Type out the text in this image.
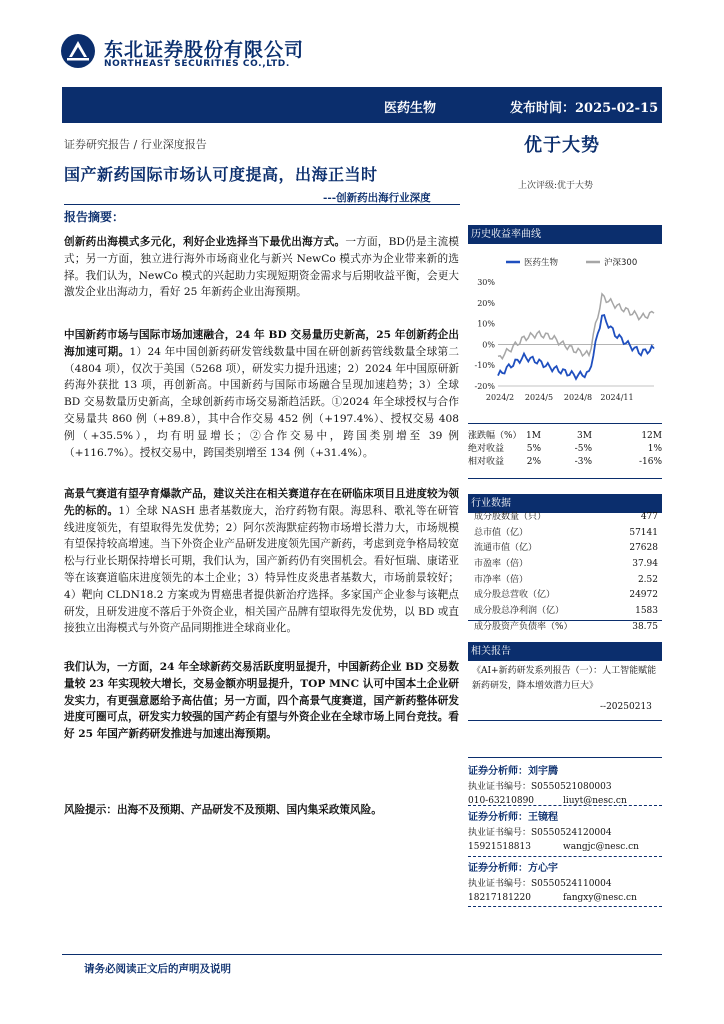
东北证券股份有限公司
NORTHEAST SECURITIES CO.,LTD.
医药生物	发布时间：2025-02-15
证券研究报告 / 行业深度报告
国产新药国际市场认可度提高，出海正当时
---创新药出海行业深度
报告摘要：
创新药出海模式多元化，利好企业选择当下最优出海方式。一方面，BD仍是主流模式；另一方面，独立进行海外市场商业化与新兴 NewCo 模式亦为企业带来新的选择。我们认为，NewCo 模式的兴起助力实现短期资金需求与后期收益平衡，会更大激发企业出海动力，看好 25 年新药企业出海预期。
中国新药市场与国际市场加速融合，24 年 BD 交易量历史新高，25 年创新药企出海加速可期。1）24 年中国创新药研发管线数量中国在研创新药管线数量全球第二（4804 项），仅次于美国（5268 项），研发实力提升迅速；2）2024 年中国原研新药海外获批 13 项，再创新高。中国新药与国际市场融合呈现加速趋势；3）全球 BD 交易数量历史新高，全球创新药市场交易渐趋活跃。①2024 年全球授权与合作交易量共 860 例（+89.8），其中合作交易 452 例（+197.4%）、授权交易 408 例（+35.5%），均有明显增长；②合作交易中，跨国类别增至 39 例（+116.7%）。授权交易中，跨国类别增至 134 例（+31.4%）。
高景气赛道有望孕育爆款产品，建议关注在相关赛道存在在研临床项目且进度较为领先的标的。1）全球 NASH 患者基数庞大，治疗药物有限。海思科、歌礼等在研管线进度领先，有望取得先发优势；2）阿尔茨海默症药物市场增长潜力大，市场规模有望保持较高增速。当下外资企业产品研发进度领先国产新药，考虑到竞争格局较宽松与行业长期保持增长可期，我们认为，国产新药仍有突围机会。看好恒瑞、康诺亚等在该赛道临床进度领先的本土企业；3）特异性皮炎患者基数大，市场前景较好；4）靶向 CLDN18.2 方案或为胃癌患者提供新治疗选择。多家国产企业参与该靶点研发，且研发进度不落后于外资企业，相关国产品牌有望取得先发优势，以 BD 或直接独立出海模式与外资产品同期推进全球商业化。
我们认为，一方面，24 年全球新药交易活跃度明显提升，中国新药企业 BD 交易数量较 23 年实现较大增长，交易金额亦明显提升，TOP MNC 认可中国本土企业研发实力，有更强意愿给予高估值；另一方面，四个高景气度赛道，国产新药整体研发进度可圈可点，研发实力较强的国产药企有望与外资企业在全球市场上同台竞技。看好 25 年国产新药研发推进与加速出海预期。
风险提示：出海不及预期、产品研发不及预期、国内集采政策风险。
优于大势
上次评级:优于大势
历史收益率曲线
医药生物	沪深300
30%
20%
10%
0%
-10%
-20%
2024/2 2024/5 2024/8 2024/11
涨跌幅（%） 1M	3M	12M
绝对收益	5%	-5%	1%
相对收益	2%	-3%	-16%
行业数据
成分股数量（只）	477
总市值（亿）	57141
流通市值（亿）	27628
市盈率（倍）	37.94
市净率（倍）	2.52
成分股总营收（亿）	24972
成分股总净利润（亿）	1583
成分股资产负债率（%）	38.75
相关报告
《AI+新药研发系列报告（一）：人工智能赋能新药研发，降本增效潜力巨大》
--20250213
证券分析师：刘宇腾
执业证书编号：S0550521080003
010-63210890	liuyt@nesc.cn
证券分析师：王镜程
执业证书编号：S0550524120004
15921518813	wangjc@nesc.cn
证券分析师：方心宇
执业证书编号：S0550524110004
18217181220	fangxy@nesc.cn
请务必阅读正文后的声明及说明
